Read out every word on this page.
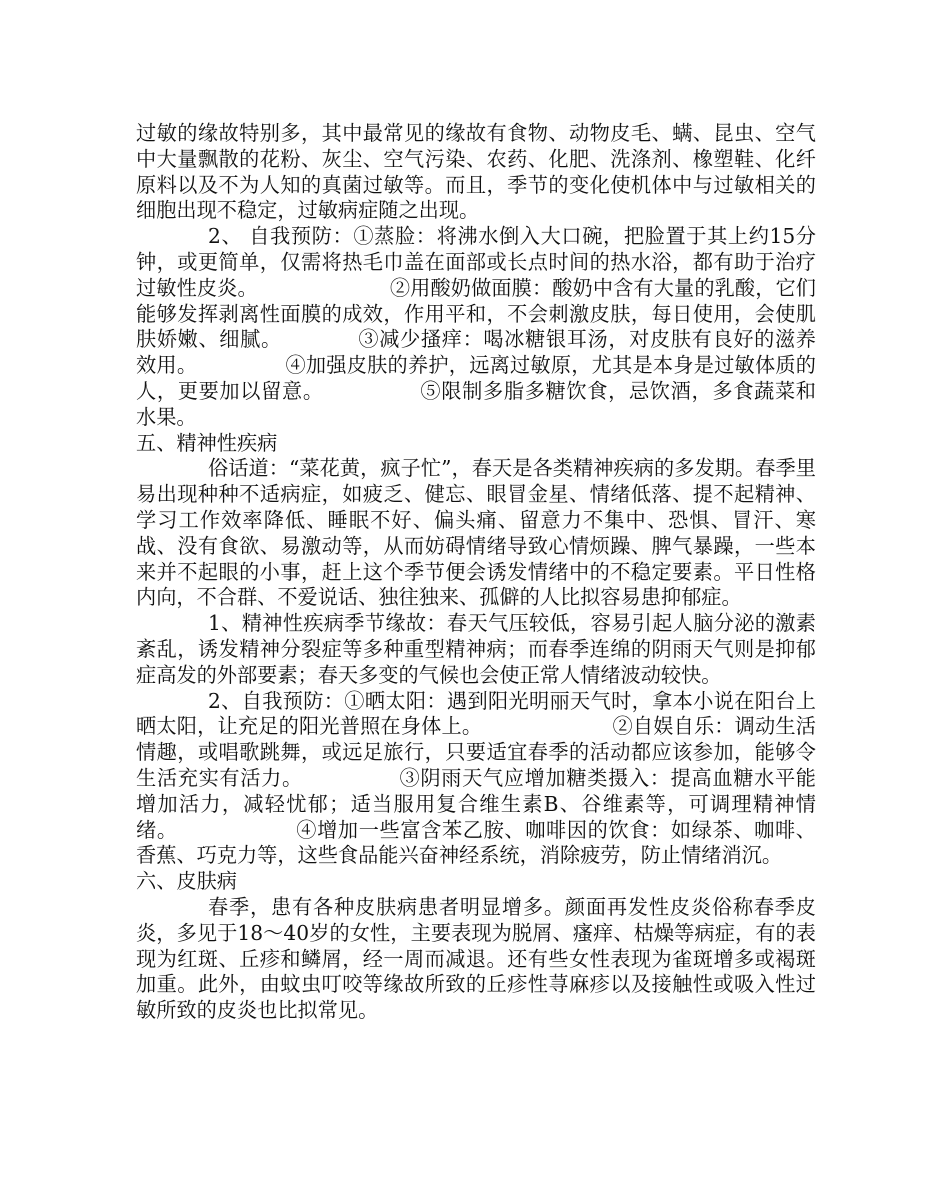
过敏的缘故特别多，其中最常见的缘故有食物、动物皮毛、螨、昆虫、空气中大量飘散的花粉、灰尘、空气污染、农药、化肥、洗涤剂、橡塑鞋、化纤原料以及不为人知的真菌过敏等。而且，季节的变化使机体中与过敏相关的细胞出现不稳定，过敏病症随之出现。

2、 自我预防：①蒸脸：将沸水倒入大口碗，把脸置于其上约15分钟，或更简单，仅需将热毛巾盖在面部或长点时间的热水浴，都有助于治疗过敏性皮炎。	②用酸奶做面膜：酸奶中含有大量的乳酸，它们能够发挥剥离性面膜的成效，作用平和，不会刺激皮肤，每日使用，会使肌肤娇嫩、细腻。	③减少搔痒：喝冰糖银耳汤，对皮肤有良好的滋养效用。	④加强皮肤的养护，远离过敏原，尤其是本身是过敏体质的人，更要加以留意。	⑤限制多脂多糖饮食，忌饮酒，多食蔬菜和水果。

五、精神性疾病

俗话道：“菜花黄，疯子忙”，春天是各类精神疾病的多发期。春季里易出现种种不适病症，如疲乏、健忘、眼冒金星、情绪低落、提不起精神、学习工作效率降低、睡眠不好、偏头痛、留意力不集中、恐惧、冒汗、寒战、没有食欲、易激动等，从而妨碍情绪导致心情烦躁、脾气暴躁，一些本来并不起眼的小事，赶上这个季节便会诱发情绪中的不稳定要素。平日性格内向，不合群、不爱说话、独往独来、孤僻的人比拟容易患抑郁症。

1、精神性疾病季节缘故：春天气压较低，容易引起人脑分泌的激素紊乱，诱发精神分裂症等多种重型精神病；而春季连绵的阴雨天气则是抑郁症高发的外部要素；春天多变的气候也会使正常人情绪波动较快。

2、自我预防：①晒太阳：遇到阳光明丽天气时，拿本小说在阳台上晒太阳，让充足的阳光普照在身体上。	②自娱自乐：调动生活情趣，或唱歌跳舞，或远足旅行，只要适宜春季的活动都应该参加，能够令生活充实有活力。	③阴雨天气应增加糖类摄入：提高血糖水平能增加活力，减轻忧郁；适当服用复合维生素B、谷维素等，可调理精神情绪。	④增加一些富含苯乙胺、咖啡因的饮食：如绿茶、咖啡、香蕉、巧克力等，这些食品能兴奋神经系统，消除疲劳，防止情绪消沉。

六、皮肤病

春季，患有各种皮肤病患者明显增多。颜面再发性皮炎俗称春季皮炎，多见于18～40岁的女性，主要表现为脱屑、瘙痒、枯燥等病症，有的表现为红斑、丘疹和鳞屑，经一周而减退。还有些女性表现为雀斑增多或褐斑加重。此外，由蚊虫叮咬等缘故所致的丘疹性荨麻疹以及接触性或吸入性过敏所致的皮炎也比拟常见。
